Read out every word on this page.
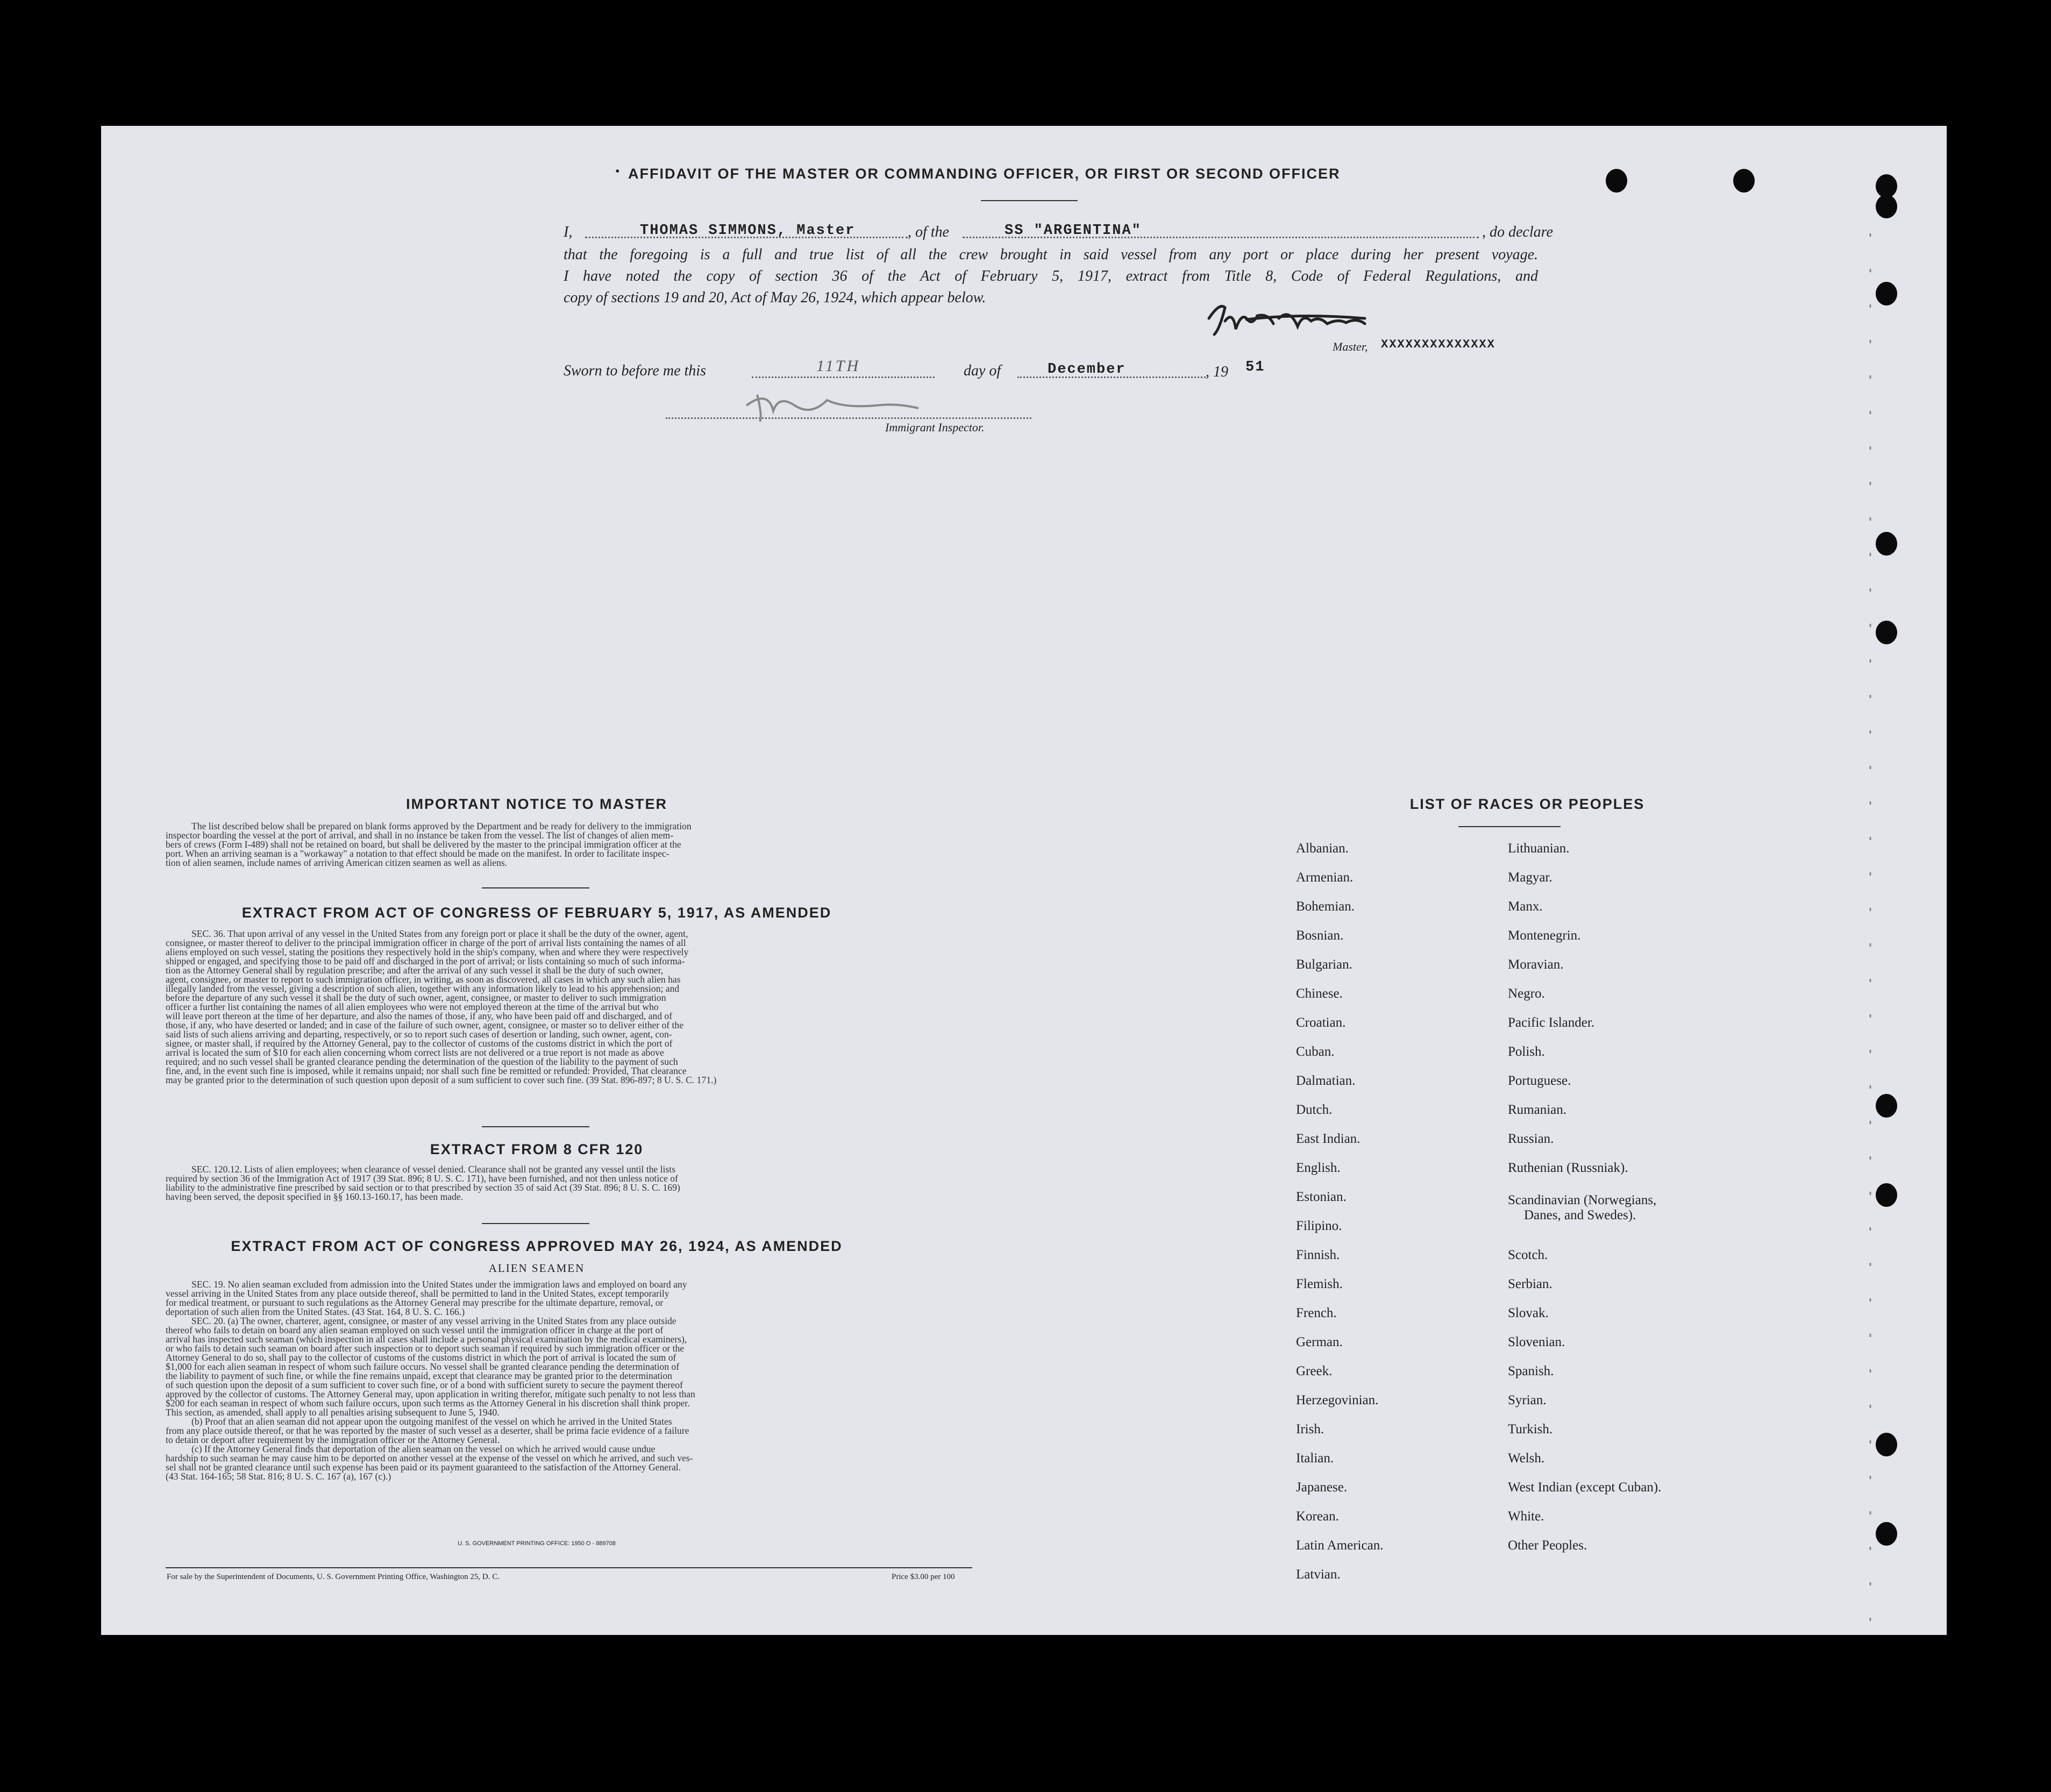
AFFIDAVIT OF THE MASTER OR COMMANDING OFFICER, OR FIRST OR SECOND OFFICER
•
I,	THOMAS SIMMONS, Master	, of the	SS "ARGENTINA"	, do declare
that the foregoing is a full and true list of all the crew brought in said vessel from any port or place during her present voyage.
I have noted the copy of section 36 of the Act of February 5, 1917, extract from Title 8, Code of Federal Regulations, and
copy of sections 19 and 20, Act of May 26, 1924, which appear below.
Master, XXXXXXXXXXXXXX
Sworn to before me this	11TH	day of	December	, 19 51
Immigrant Inspector.
IMPORTANT NOTICE TO MASTER
The list described below shall be prepared on blank forms approved by the Department and be ready for delivery to the immigration
inspector boarding the vessel at the port of arrival, and shall in no instance be taken from the vessel. The list of changes of alien mem-
bers of crews (Form I-489) shall not be retained on board, but shall be delivered by the master to the principal immigration officer at the
port. When an arriving seaman is a "workaway" a notation to that effect should be made on the manifest. In order to facilitate inspec-
tion of alien seamen, include names of arriving American citizen seamen as well as aliens.
EXTRACT FROM ACT OF CONGRESS OF FEBRUARY 5, 1917, AS AMENDED
SEC. 36. That upon arrival of any vessel in the United States from any foreign port or place it shall be the duty of the owner, agent,
consignee, or master thereof to deliver to the principal immigration officer in charge of the port of arrival lists containing the names of all
aliens employed on such vessel, stating the positions they respectively hold in the ship's company, when and where they were respectively
shipped or engaged, and specifying those to be paid off and discharged in the port of arrival; or lists containing so much of such informa-
tion as the Attorney General shall by regulation prescribe; and after the arrival of any such vessel it shall be the duty of such owner,
agent, consignee, or master to report to such immigration officer, in writing, as soon as discovered, all cases in which any such alien has
illegally landed from the vessel, giving a description of such alien, together with any information likely to lead to his apprehension; and
before the departure of any such vessel it shall be the duty of such owner, agent, consignee, or master to deliver to such immigration
officer a further list containing the names of all alien employees who were not employed thereon at the time of the arrival but who
will leave port thereon at the time of her departure, and also the names of those, if any, who have been paid off and discharged, and of
those, if any, who have deserted or landed; and in case of the failure of such owner, agent, consignee, or master so to deliver either of the
said lists of such aliens arriving and departing, respectively, or so to report such cases of desertion or landing, such owner, agent, con-
signee, or master shall, if required by the Attorney General, pay to the collector of customs of the customs district in which the port of
arrival is located the sum of $10 for each alien concerning whom correct lists are not delivered or a true report is not made as above
required; and no such vessel shall be granted clearance pending the determination of the question of the liability to the payment of such
fine, and, in the event such fine is imposed, while it remains unpaid; nor shall such fine be remitted or refunded: Provided, That clearance
may be granted prior to the determination of such question upon deposit of a sum sufficient to cover such fine. (39 Stat. 896-897; 8 U. S. C. 171.)
EXTRACT FROM 8 CFR 120
SEC. 120.12. Lists of alien employees; when clearance of vessel denied. Clearance shall not be granted any vessel until the lists
required by section 36 of the Immigration Act of 1917 (39 Stat. 896; 8 U. S. C. 171), have been furnished, and not then unless notice of
liability to the administrative fine prescribed by said section or to that prescribed by section 35 of said Act (39 Stat. 896; 8 U. S. C. 169)
having been served, the deposit specified in §§ 160.13-160.17, has been made.
EXTRACT FROM ACT OF CONGRESS APPROVED MAY 26, 1924, AS AMENDED
ALIEN SEAMEN
SEC. 19. No alien seaman excluded from admission into the United States under the immigration laws and employed on board any
vessel arriving in the United States from any place outside thereof, shall be permitted to land in the United States, except temporarily
for medical treatment, or pursuant to such regulations as the Attorney General may prescribe for the ultimate departure, removal, or
deportation of such alien from the United States. (43 Stat. 164, 8 U. S. C. 166.)
SEC. 20. (a) The owner, charterer, agent, consignee, or master of any vessel arriving in the United States from any place outside
thereof who fails to detain on board any alien seaman employed on such vessel until the immigration officer in charge at the port of
arrival has inspected such seaman (which inspection in all cases shall include a personal physical examination by the medical examiners),
or who fails to detain such seaman on board after such inspection or to deport such seaman if required by such immigration officer or the
Attorney General to do so, shall pay to the collector of customs of the customs district in which the port of arrival is located the sum of
$1,000 for each alien seaman in respect of whom such failure occurs. No vessel shall be granted clearance pending the determination of
the liability to payment of such fine, or while the fine remains unpaid, except that clearance may be granted prior to the determination
of such question upon the deposit of a sum sufficient to cover such fine, or of a bond with sufficient surety to secure the payment thereof
approved by the collector of customs. The Attorney General may, upon application in writing therefor, mitigate such penalty to not less than
$200 for each seaman in respect of whom such failure occurs, upon such terms as the Attorney General in his discretion shall think proper.
This section, as amended, shall apply to all penalties arising subsequent to June 5, 1940.
(b) Proof that an alien seaman did not appear upon the outgoing manifest of the vessel on which he arrived in the United States
from any place outside thereof, or that he was reported by the master of such vessel as a deserter, shall be prima facie evidence of a failure
to detain or deport after requirement by the immigration officer or the Attorney General.
(c) If the Attorney General finds that deportation of the alien seaman on the vessel on which he arrived would cause undue
hardship to such seaman he may cause him to be deported on another vessel at the expense of the vessel on which he arrived, and such ves-
sel shall not be granted clearance until such expense has been paid or its payment guaranteed to the satisfaction of the Attorney General.
(43 Stat. 164-165; 58 Stat. 816; 8 U. S. C. 167 (a), 167 (c).)
U. S. GOVERNMENT PRINTING OFFICE: 1950 O - 889708
For sale by the Superintendent of Documents, U. S. Government Printing Office, Washington 25, D. C.	Price $3.00 per 100
LIST OF RACES OR PEOPLES
Albanian.
Armenian.
Bohemian.
Bosnian.
Bulgarian.
Chinese.
Croatian.
Cuban.
Dalmatian.
Dutch.
East Indian.
English.
Estonian.
Filipino.
Finnish.
Flemish.
French.
German.
Greek.
Herzegovinian.
Irish.
Italian.
Japanese.
Korean.
Latin American.
Latvian.
Lithuanian.
Magyar.
Manx.
Montenegrin.
Moravian.
Negro.
Pacific Islander.
Polish.
Portuguese.
Rumanian.
Russian.
Ruthenian (Russniak).
Scandinavian (Norwegians,
Danes, and Swedes).
Scotch.
Serbian.
Slovak.
Slovenian.
Spanish.
Syrian.
Turkish.
Welsh.
West Indian (except Cuban).
White.
Other Peoples.
